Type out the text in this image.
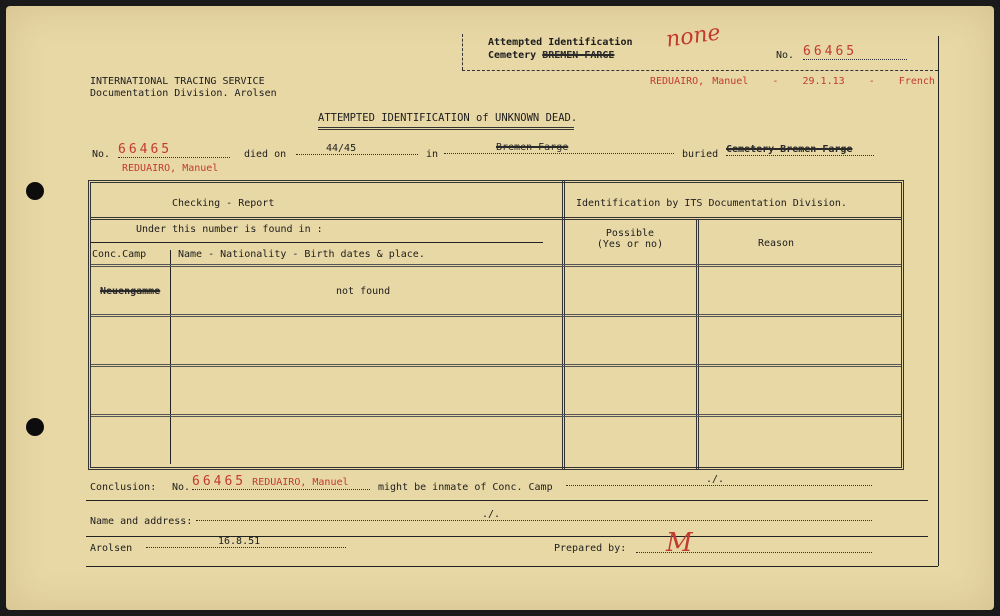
Attempted Identification
Cemetery BREMEN-FARGE
none
No. 66465
INTERNATIONAL TRACING SERVICE
Documentation Division. Arolsen
REDUAIRO, Manuel - 29.1.13 - French
ATTEMPTED IDENTIFICATION of UNKNOWN DEAD.
No. 66465	died on
44/45
in
Bremen-Farge
buried Cemetery Bremen-Farge
REDUAIRO, Manuel
Checking - Report	Identification by ITS Documentation Division.
Under this number is found in :
Conc.Camp	Name - Nationality - Birth dates & place.
Possible
(Yes or no)	Reason
Neuengamme	not found
Conclusion: No. 66465 REDUAIRO, Manuel	might be inmate of Conc. Camp
./.
Name and address:
./.
Arolsen
16.8.51
Prepared by: M
